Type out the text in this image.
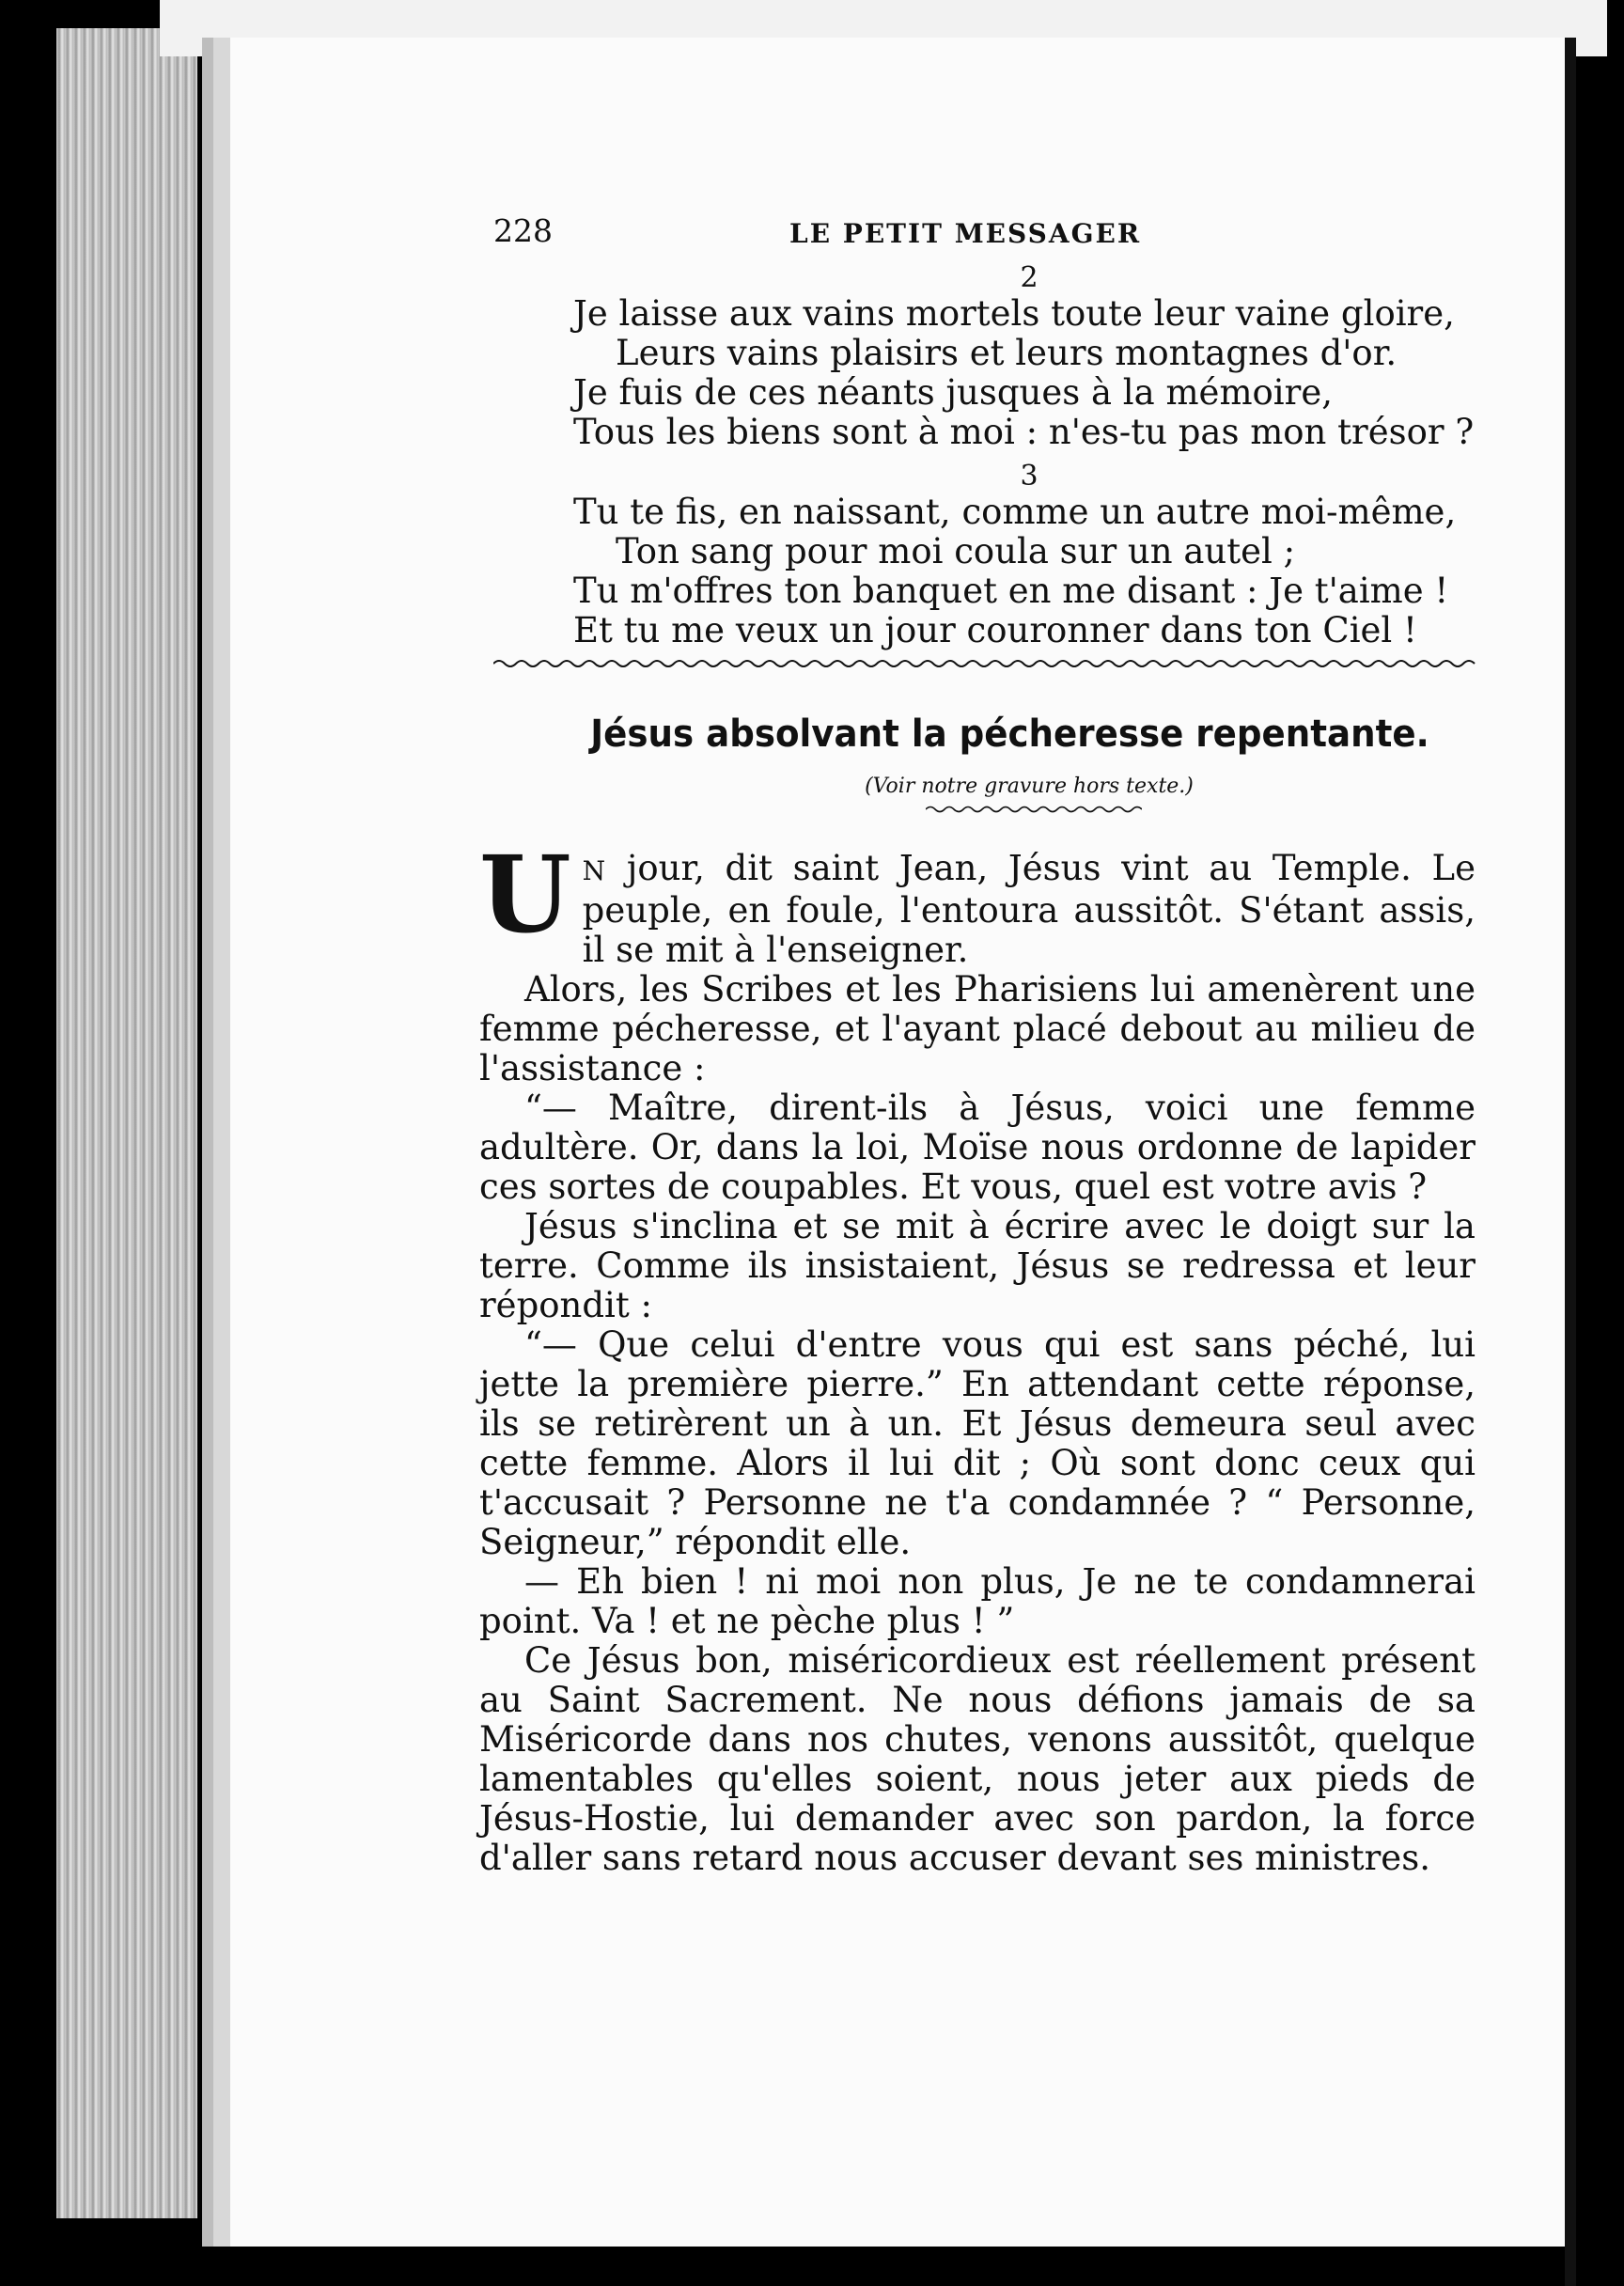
228	LE PETIT MESSAGER
2
Je laisse aux vains mortels toute leur vaine gloire,
Leurs vains plaisirs et leurs montagnes d'or.
Je fuis de ces néants jusques à la mémoire,
Tous les biens sont à moi : n'es-tu pas mon trésor ?
3
Tu te fis, en naissant, comme un autre moi-même,
Ton sang pour moi coula sur un autel ;
Tu m'offres ton banquet en me disant : Je t'aime !
Et tu me veux un jour couronner dans ton Ciel !
Jésus absolvant la pécheresse repentante.
(Voir notre gravure hors texte.)

U N jour, dit saint Jean, Jésus vint au Temple. Le peuple, en foule, l'entoura aussitôt. S'étant assis, il se mit à l'enseigner.

Alors, les Scribes et les Pharisiens lui amenèrent une femme pécheresse, et l'ayant placé debout au milieu de l'assistance :

“— Maître, dirent-ils à Jésus, voici une femme adultère. Or, dans la loi, Moïse nous ordonne de lapider ces sortes de coupables. Et vous, quel est votre avis ?

Jésus s'inclina et se mit à écrire avec le doigt sur la terre. Comme ils insistaient, Jésus se redressa et leur répondit :

“— Que celui d'entre vous qui est sans péché, lui jette la première pierre.” En attendant cette réponse, ils se retirèrent un à un. Et Jésus demeura seul avec cette femme. Alors il lui dit ; Où sont donc ceux qui t'accusait ? Personne ne t'a condamnée ? “ Personne, Seigneur,” répondit elle.

— Eh bien ! ni moi non plus, Je ne te condamnerai point. Va ! et ne pèche plus ! ”

Ce Jésus bon, miséricordieux est réellement présent au Saint Sacrement. Ne nous défions jamais de sa Miséricorde dans nos chutes, venons aussitôt, quelque lamentables qu'elles soient, nous jeter aux pieds de Jésus-Hostie, lui demander avec son pardon, la force d'aller sans retard nous accuser devant ses ministres.
